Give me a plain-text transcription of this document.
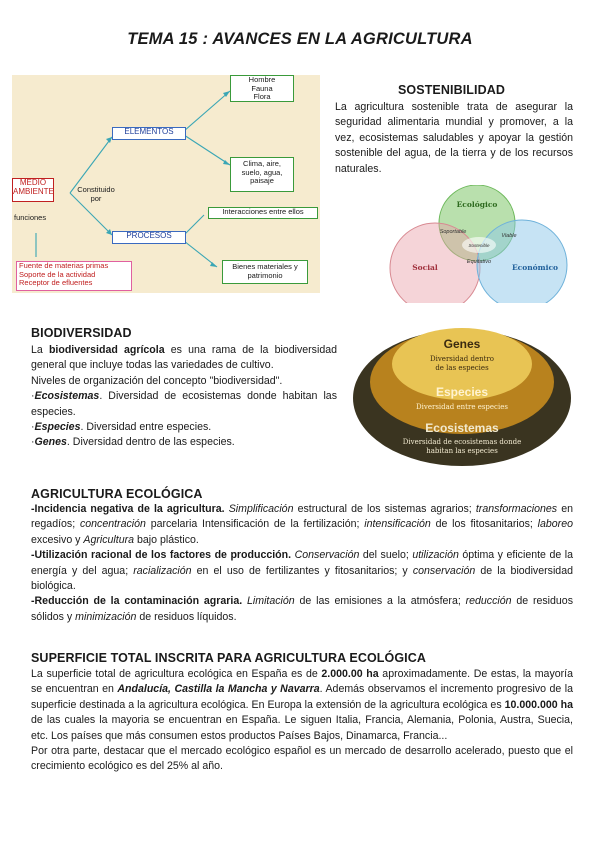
TEMA 15 : AVANCES EN LA AGRICULTURA
Hombre
Fauna
Flora
ELEMENTOS
Clima, aire,
suelo, agua,
paisaje
MEDIO
AMBIENTE	Constituido
por
Interacciones entre ellos
PROCESOS
funciones
Bienes materiales y
patrimonio
Fuente de materias primas
Soporte de la actividad
Receptor de efluentes
SOSTENIBILIDAD
La agricultura sostenible trata de asegurar la seguridad alimentaria mundial y promover, a la vez, ecosistemas saludables y apoyar la gestión sostenible del agua, de la tierra y de los recursos naturales.
Ecológico
Social	Económico
Soportable
Viable
Sostenible
Equitativo
BIODIVERSIDAD
La biodiversidad agrícola es una rama de la biodiversidad general que incluye todas las variedades de cultivo.
Niveles de organización del concepto "biodiversidad".
·Ecosistemas. Diversidad de ecosistemas donde habitan las especies.
·Especies. Diversidad entre especies.
·Genes. Diversidad dentro de las especies.
Genes
Diversidad dentro
de las especies
Especies
Diversidad entre especies
Ecosistemas
Diversidad de ecosistemas donde
habitan las especies
AGRICULTURA ECOLÓGICA
-Incidencia negativa de la agricultura. Simplificación estructural de los sistemas agrarios; transformaciones en regadíos; concentración parcelaria Intensificación de la fertilización; intensificación de los fitosanitarios; laboreo excesivo y Agricultura bajo plástico.
-Utilización racional de los factores de producción. Conservación del suelo; utilización óptima y eficiente de la energía y del agua; racialización en el uso de fertilizantes y fitosanitarios; y conservación de la biodiversidad biológica.
-Reducción de la contaminación agraria. Limitación de las emisiones a la atmósfera; reducción de residuos sólidos y minimización de residuos líquidos.
SUPERFICIE TOTAL INSCRITA PARA AGRICULTURA ECOLÓGICA
La superficie total de agricultura ecológica en España es de 2.000.00 ha aproximadamente. De estas, la mayoría se encuentran en Andalucía, Castilla la Mancha y Navarra. Además observamos el incremento progresivo de la superficie destinada a la agricultura ecológica. En Europa la extensión de la agricultura ecológica es 10.000.000 ha de las cuales la mayoria se encuentran en España. Le siguen Italia, Francia, Alemania, Polonia, Austra, Suecia, etc. Los países que más consumen estos productos Países Bajos, Dinamarca, Francia...
Por otra parte, destacar que el mercado ecológico español es un mercado de desarrollo acelerado, puesto que el crecimiento ecológico es del 25% al año.
